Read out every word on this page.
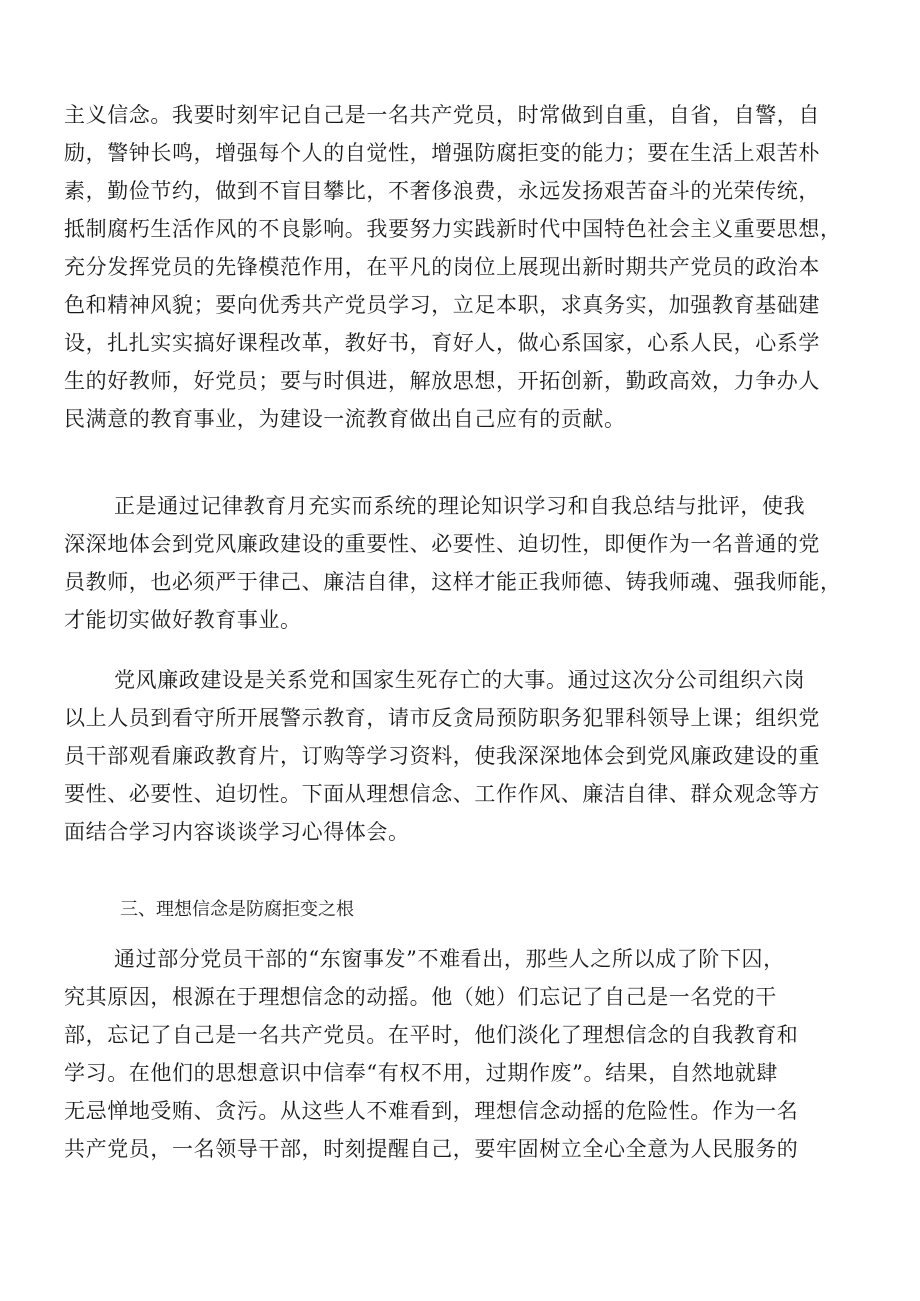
主义信念。我要时刻牢记自己是一名共产党员，时常做到自重，自省，自警，自
励，警钟长鸣，增强每个人的自觉性，增强防腐拒变的能力；要在生活上艰苦朴
素，勤俭节约，做到不盲目攀比，不奢侈浪费，永远发扬艰苦奋斗的光荣传统，
抵制腐朽生活作风的不良影响。我要努力实践新时代中国特色社会主义重要思想，
充分发挥党员的先锋模范作用，在平凡的岗位上展现出新时期共产党员的政治本
色和精神风貌；要向优秀共产党员学习，立足本职，求真务实，加强教育基础建
设，扎扎实实搞好课程改革，教好书，育好人，做心系国家，心系人民，心系学
生的好教师，好党员；要与时俱进，解放思想，开拓创新，勤政高效，力争办人
民满意的教育事业，为建设一流教育做出自己应有的贡献。

正是通过记律教育月充实而系统的理论知识学习和自我总结与批评，使我
深深地体会到党风廉政建设的重要性、必要性、迫切性，即便作为一名普通的党
员教师，也必须严于律己、廉洁自律，这样才能正我师德、铸我师魂、强我师能，
才能切实做好教育事业。

党风廉政建设是关系党和国家生死存亡的大事。通过这次分公司组织六岗
以上人员到看守所开展警示教育，请市反贪局预防职务犯罪科领导上课；组织党
员干部观看廉政教育片，订购等学习资料，使我深深地体会到党风廉政建设的重
要性、必要性、迫切性。下面从理想信念、工作作风、廉洁自律、群众观念等方
面结合学习内容谈谈学习心得体会。

三、理想信念是防腐拒变之根

通过部分党员干部的“东窗事发”不难看出，那些人之所以成了阶下囚，
究其原因，根源在于理想信念的动摇。他（她）们忘记了自己是一名党的干
部，忘记了自己是一名共产党员。在平时，他们淡化了理想信念的自我教育和
学习。在他们的思想意识中信奉“有权不用，过期作废”。结果，自然地就肆
无忌惮地受贿、贪污。从这些人不难看到，理想信念动摇的危险性。作为一名
共产党员，一名领导干部，时刻提醒自己，要牢固树立全心全意为人民服务的
